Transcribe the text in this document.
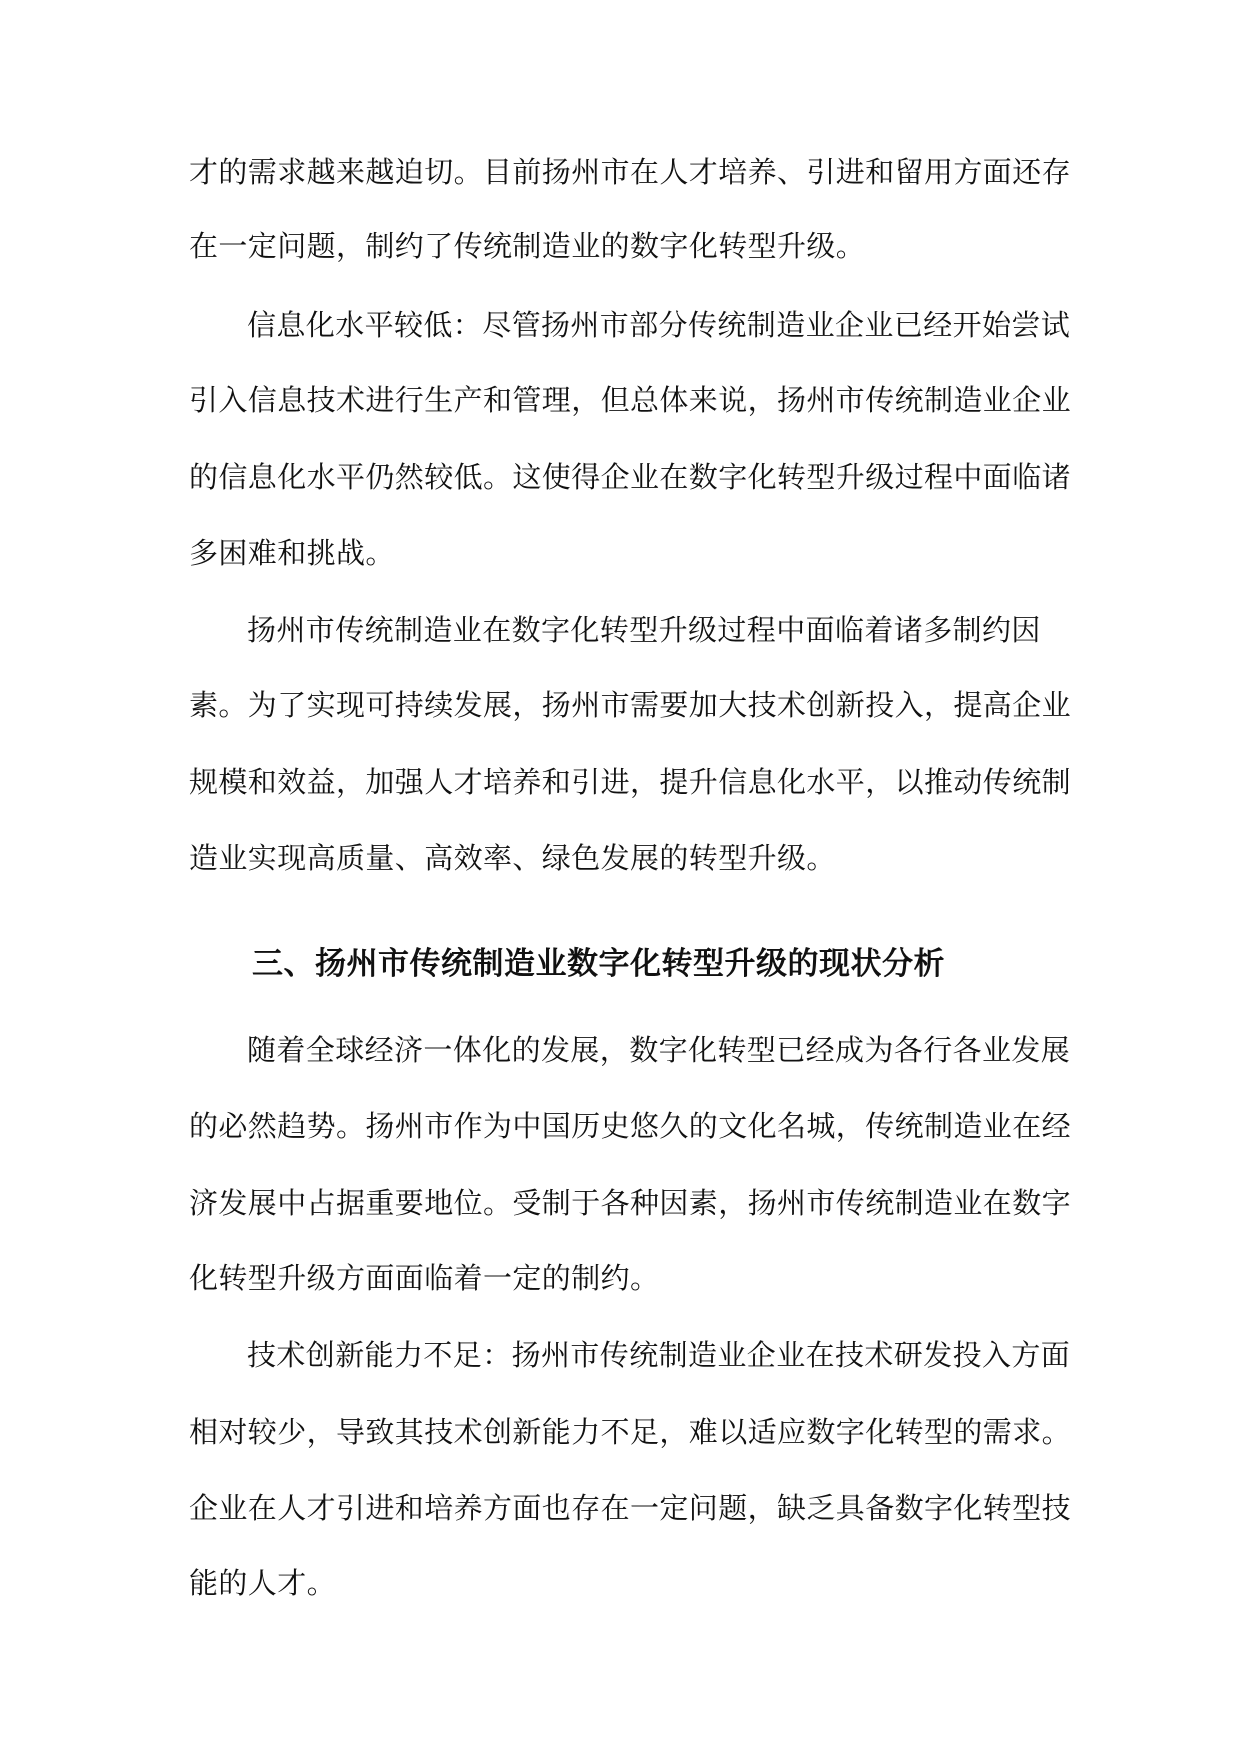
才的需求越来越迫切。目前扬州市在人才培养、引进和留用方面还存
在一定问题，制约了传统制造业的数字化转型升级。
信息化水平较低：尽管扬州市部分传统制造业企业已经开始尝试
引入信息技术进行生产和管理，但总体来说，扬州市传统制造业企业
的信息化水平仍然较低。这使得企业在数字化转型升级过程中面临诸
多困难和挑战。
扬州市传统制造业在数字化转型升级过程中面临着诸多制约因
素。为了实现可持续发展，扬州市需要加大技术创新投入，提高企业
规模和效益，加强人才培养和引进，提升信息化水平，以推动传统制
造业实现高质量、高效率、绿色发展的转型升级。
三、扬州市传统制造业数字化转型升级的现状分析
随着全球经济一体化的发展，数字化转型已经成为各行各业发展
的必然趋势。扬州市作为中国历史悠久的文化名城，传统制造业在经
济发展中占据重要地位。受制于各种因素，扬州市传统制造业在数字
化转型升级方面面临着一定的制约。
技术创新能力不足：扬州市传统制造业企业在技术研发投入方面
相对较少，导致其技术创新能力不足，难以适应数字化转型的需求。
企业在人才引进和培养方面也存在一定问题，缺乏具备数字化转型技
能的人才。
